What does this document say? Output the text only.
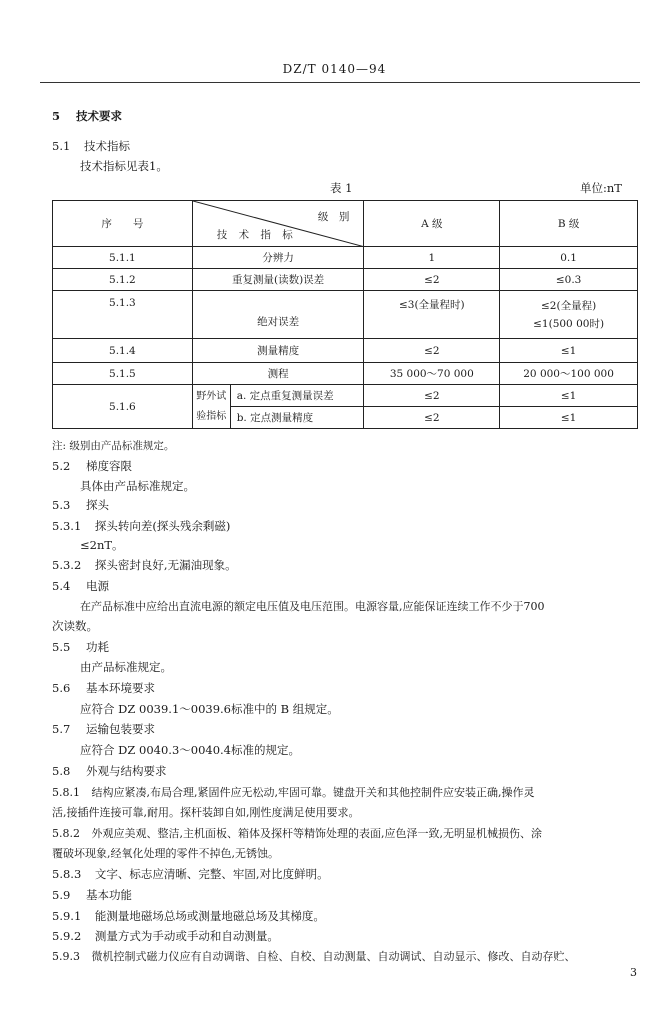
DZ/T 0140—94
5 技术要求
5.1 技术指标
技术指标见表1。
表 1	单位:nT
序　　号	级　别
技 术 指 标		A 级	B 级
5.1.1	分辨力		1	0.1
5.1.2	重复测量(读数)误差		≤2	≤0.3
5.1.3	绝对误差		≤3(全量程时)	≤2(全量程)
≤1(500 00时)

5.1.4	测量精度		≤2	≤1
5.1.5	测程		35 000～70 000	20 000～100 000
5.1.6	野外试验指标	a. 定点重复测量误差	≤2	≤1
		b. 定点测量精度	≤2	≤1
注: 级别由产品标准规定。
5.2 梯度容限
具体由产品标准规定。
5.3 探头
5.3.1 探头转向差(探头残余剩磁)
≤2nT。
5.3.2 探头密封良好,无漏油现象。
5.4 电源
在产品标准中应给出直流电源的额定电压值及电压范围。电源容量,应能保证连续工作不少于700
次读数。
5.5 功耗
由产品标准规定。
5.6 基本环境要求
应符合 DZ 0039.1～0039.6标准中的 B 组规定。
5.7 运输包装要求
应符合 DZ 0040.3～0040.4标准的规定。
5.8 外观与结构要求
5.8.1 结构应紧凑,布局合理,紧固件应无松动,牢固可靠。键盘开关和其他控制件应安装正确,操作灵
活,接插件连接可靠,耐用。探杆装卸自如,刚性度满足使用要求。
5.8.2 外观应美观、整洁,主机面板、箱体及探杆等精饰处理的表面,应色泽一致,无明显机械损伤、涂
覆破坏现象,经氧化处理的零件不掉色,无锈蚀。
5.8.3 文字、标志应清晰、完整、牢固,对比度鲜明。
5.9 基本功能
5.9.1 能测量地磁场总场或测量地磁总场及其梯度。
5.9.2 测量方式为手动或手动和自动测量。
5.9.3 微机控制式磁力仪应有自动调谐、自检、自校、自动测量、自动调试、自动显示、修改、自动存贮、
3
